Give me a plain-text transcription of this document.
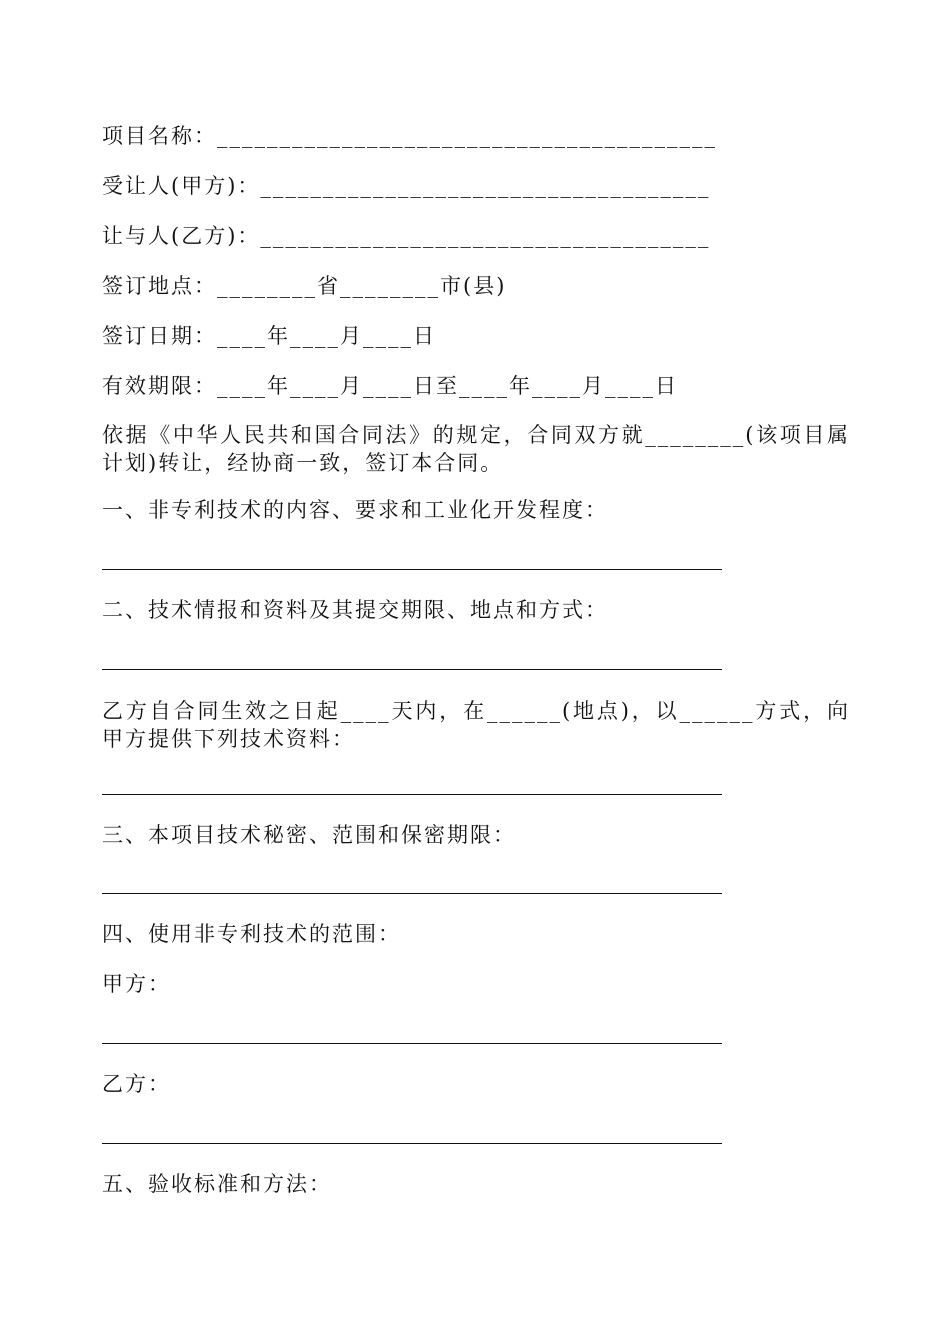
项目名称：________________________________________

受让人(甲方)：____________________________________

让与人(乙方)：____________________________________

签订地点：________省________市(县)

签订日期：____年____月____日

有效期限：____年____月____日至____年____月____日

依据《中华人民共和国合同法》的规定，合同双方就________(该项目属计划)转让，经协商一致，签订本合同。

一、非专利技术的内容、要求和工业化开发程度：

二、技术情报和资料及其提交期限、地点和方式：

乙方自合同生效之日起____天内，在______(地点)，以______方式，向甲方提供下列技术资料：

三、本项目技术秘密、范围和保密期限：

四、使用非专利技术的范围：

甲方：

乙方：

五、验收标准和方法：
